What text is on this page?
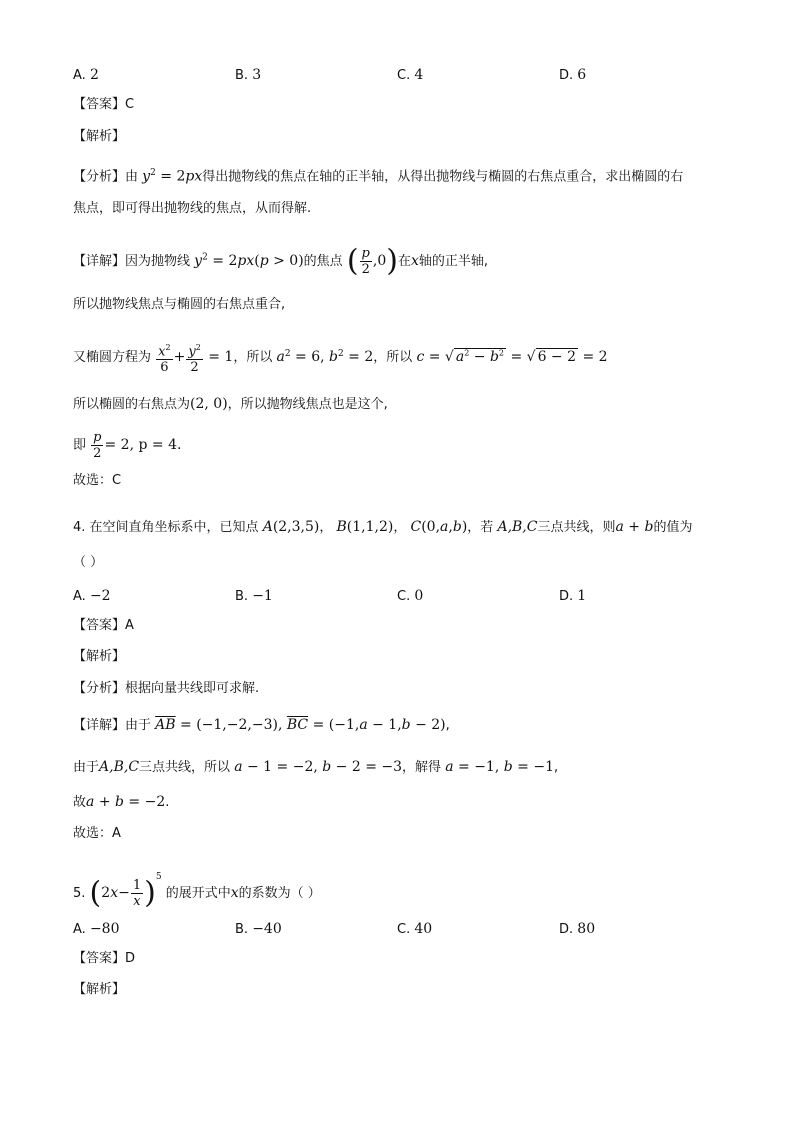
A. 2	B. 3	C. 4	D. 6
【答案】C
【解析】
【分析】由 $y^2 = 2px$得出抛物线的焦点在轴的正半轴，从得出抛物线与椭圆的右焦点重合，求出椭圆的右
焦点，即可得出抛物线的焦点，从而得解.
【详解】因为抛物线 $y^2 = 2px(p > 0)$的焦点 ( $\frac{p}{2} ,0$)在x轴的正半轴,
所以抛物线焦点与椭圆的右焦点重合,
又椭圆方程为 $\frac{x^2}{6} + \frac{y^2}{2} = 1$，所以 $a^2 = 6$, $b^2 = 2$，所以 c = √ $a^2 - b^2$ = √ 6 − 2 = 2
所以椭圆的右焦点为(2, 0)，所以抛物线焦点也是这个,
即 $\frac{p}{2} = 2$, p = 4.
故选：C
4. 在空间直角坐标系中，已知点 A(2,3,5)， B(1,1,2)， C(0,a,b)，若 A,B,C三点共线，则a + b的值为
（ ）
A. −2	B. −1	C. 0	D. 1
【答案】A
【解析】
【分析】根据向量共线即可求解.
【详解】由于 $\overline{AB} = (-1,-2,-3)$, $\overline{BC} = (-1,a - 1,b - 2)$,
由于A,B,C三点共线，所以 a − 1 = −2, b − 2 = −3，解得 a = −1, b = −1,
故a + b = −2.
故选：A
5. $(2x- \frac{1}{x} )^5$ 的展开式中x的系数为（ ）
A. −80	B. −40	C. 40	D. 80
【答案】D
【解析】
